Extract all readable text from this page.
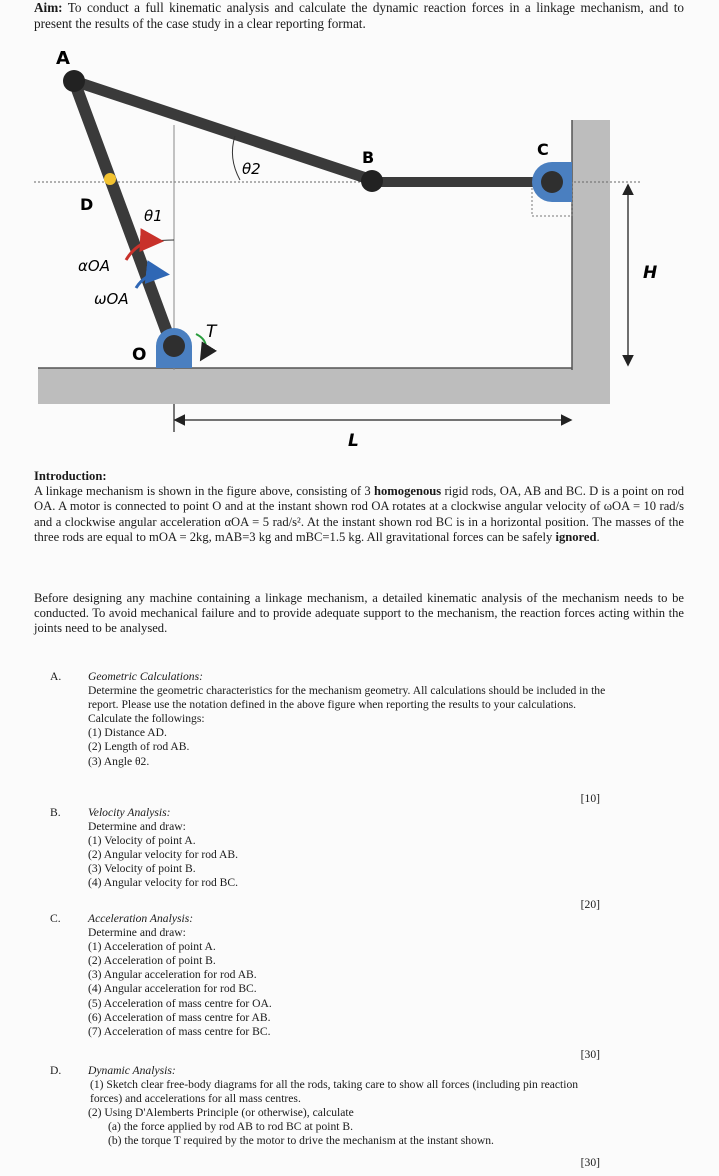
Aim: To conduct a full kinematic analysis and calculate the dynamic reaction forces in a linkage mechanism, and to present the results of the case study in a clear reporting format.
H
L
A
B	C
D
O
θ1
θ2
αOA
ωOA
T
Introduction:
A linkage mechanism is shown in the figure above, consisting of 3 homogenous rigid rods, OA, AB and BC. D is a point on rod OA. A motor is connected to point O and at the instant shown rod OA rotates at a clockwise angular velocity of ωOA = 10 rad/s and a clockwise angular acceleration αOA = 5 rad/s². At the instant shown rod BC is in a horizontal position. The masses of the three rods are equal to mOA = 2kg, mAB=3 kg and mBC=1.5 kg. All gravitational forces can be safely ignored.
Before designing any machine containing a linkage mechanism, a detailed kinematic analysis of the mechanism needs to be conducted. To avoid mechanical failure and to provide adequate support to the mechanism, the reaction forces acting within the joints need to be analysed.
A. Geometric Calculations:
Determine the geometric characteristics for the mechanism geometry. All calculations should be included in the report. Please use the notation defined in the above figure when reporting the results to your calculations.
Calculate the followings:
(1) Distance AD.
(2) Length of rod AB.
(3) Angle θ2.
[10]
B. Velocity Analysis:
Determine and draw:
(1) Velocity of point A.
(2) Angular velocity for rod AB.
(3) Velocity of point B.
(4) Angular velocity for rod BC.
[20]
C. Acceleration Analysis:
Determine and draw:
(1) Acceleration of point A.
(2) Acceleration of point B.
(3) Angular acceleration for rod AB.
(4) Angular acceleration for rod BC.
(5) Acceleration of mass centre for OA.
(6) Acceleration of mass centre for AB.
(7) Acceleration of mass centre for BC.
[30]
D. Dynamic Analysis:
(1) Sketch clear free-body diagrams for all the rods, taking care to show all forces (including pin reaction forces) and accelerations for all mass centres.
(2) Using D'Alemberts Principle (or otherwise), calculate
(a) the force applied by rod AB to rod BC at point B.
(b) the torque T required by the motor to drive the mechanism at the instant shown.
[30]
